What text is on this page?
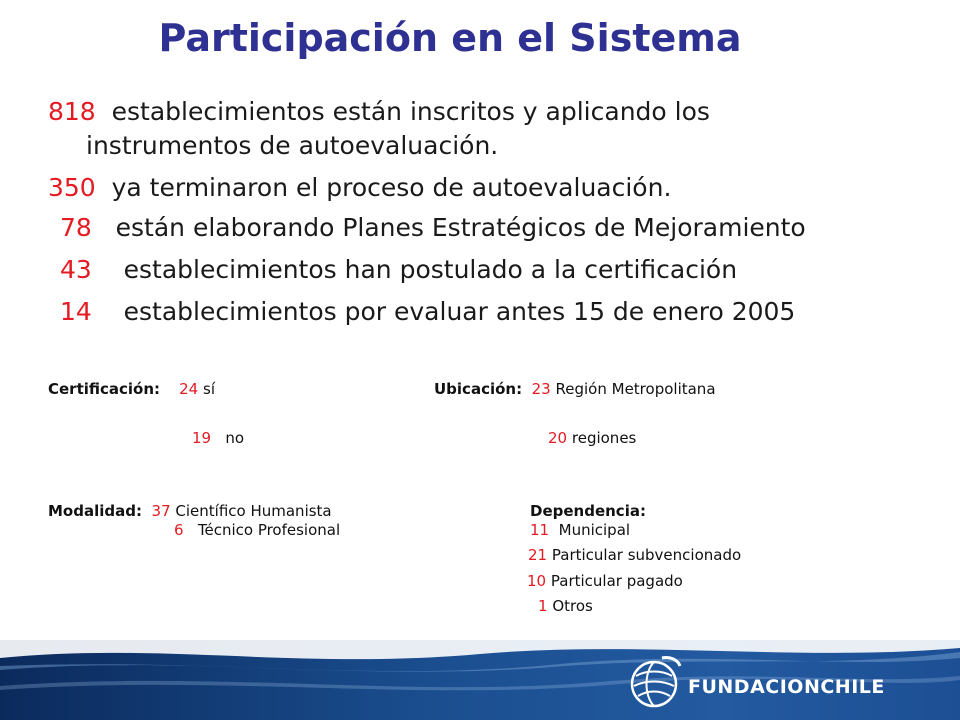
Participación en el Sistema
818 establecimientos están inscritos y aplicando los
instrumentos de autoevaluación.
350 ya terminaron el proceso de autoevaluación.
78 están elaborando Planes Estratégicos de Mejoramiento
43 establecimientos han postulado a la certificación
14 establecimientos por evaluar antes 15 de enero 2005
Certificación: 24 sí
19 no
Ubicación: 23 Región Metropolitana
20 regiones
Modalidad: 37 Científico Humanista
6 Técnico Profesional
Dependencia:
11 Municipal
21 Particular subvencionado
10 Particular pagado
1 Otros
FUNDACIONCHILE
